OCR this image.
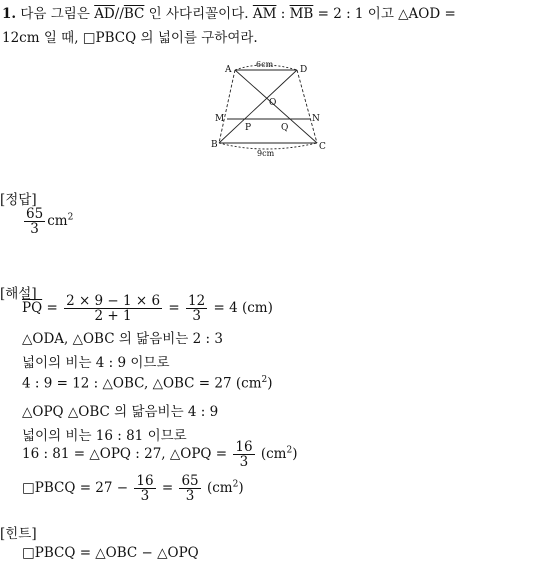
1. 다음 그림은 $\overline{AD}//\overline{BC}$ 인 사다리꼴이다. $\overline{AM}$ : $\overline{MB} = 2$ : 1 이고 △AOD =
12cm 일 때, □PBCQ 의 넓이를 구하여라.
A	D
B	C
O
M	N
P	Q
6cm
9cm
[정답]
$\frac{65}{3} cm^2$
[해설]
$\overline{PQ} = \frac{2 \times 9 - 1 \times 6}{2 + 1} = \frac{12}{3} = 4$ (cm)
△ODA, △OBC 의 닮음비는 2 : 3
넓이의 비는 4 : 9 이므로
4 : 9 = 12 : △OBC, △OBC = 27 $(cm^2)$
△OPQ △OBC 의 닮음비는 4 : 9
넓이의 비는 16 : 81 이므로
16 : 81 = △OPQ : 27, △OPQ = $\frac{16}{3} (cm^2)$
□PBCQ = $27 - \frac{16}{3} = \frac{65}{3} (cm^2)$
[힌트]
□PBCQ = △OBC − △OPQ
